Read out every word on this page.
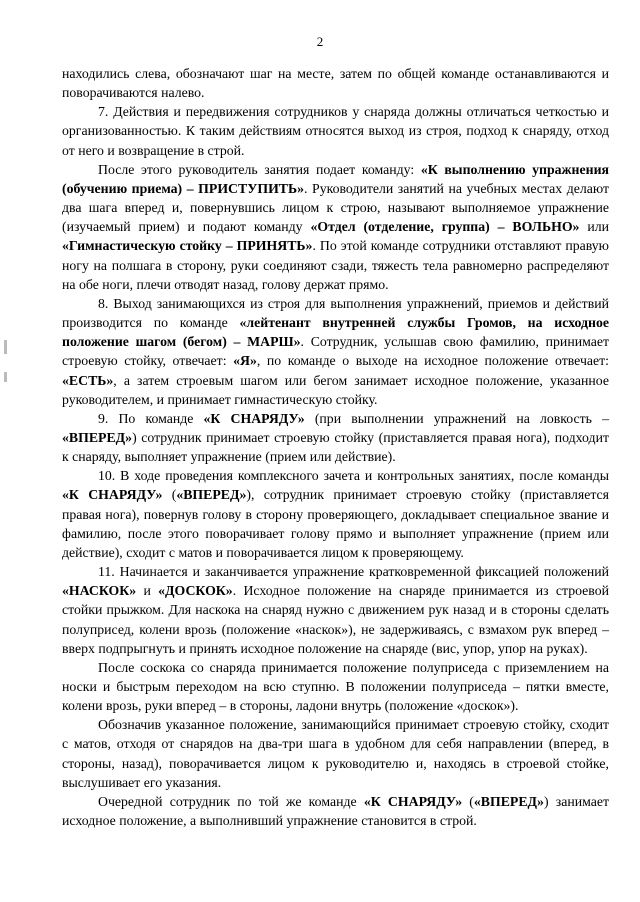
2

находились слева, обозначают шаг на месте, затем по общей команде останавливаются и поворачиваются налево.

7. Действия и передвижения сотрудников у снаряда должны отличаться четкостью и организованностью. К таким действиям относятся выход из строя, подход к снаряду, отход от него и возвращение в строй.

После этого руководитель занятия подает команду: «К выполнению упражнения (обучению приема) – ПРИСТУПИТЬ». Руководители занятий на учебных местах делают два шага вперед и, повернувшись лицом к строю, называют выполняемое упражнение (изучаемый прием) и подают команду «Отдел (отделение, группа) – ВОЛЬНО» или «Гимнастическую стойку – ПРИНЯТЬ». По этой команде сотрудники отставляют правую ногу на полшага в сторону, руки соединяют сзади, тяжесть тела равномерно распределяют на обе ноги, плечи отводят назад, голову держат прямо.

8. Выход занимающихся из строя для выполнения упражнений, приемов и действий производится по команде «лейтенант внутренней службы Громов, на исходное положение шагом (бегом) – МАРШ». Сотрудник, услышав свою фамилию, принимает строевую стойку, отвечает: «Я», по команде о выходе на исходное положение отвечает: «ЕСТЬ», а затем строевым шагом или бегом занимает исходное положение, указанное руководителем, и принимает гимнастическую стойку.

9. По команде «К СНАРЯДУ» (при выполнении упражнений на ловкость – «ВПЕРЕД») сотрудник принимает строевую стойку (приставляется правая нога), подходит к снаряду, выполняет упражнение (прием или действие).

10. В ходе проведения комплексного зачета и контрольных занятиях, после команды «К СНАРЯДУ» («ВПЕРЕД»), сотрудник принимает строевую стойку (приставляется правая нога), повернув голову в сторону проверяющего, докладывает специальное звание и фамилию, после этого поворачивает голову прямо и выполняет упражнение (прием или действие), сходит с матов и поворачивается лицом к проверяющему.

11. Начинается и заканчивается упражнение кратковременной фиксацией положений «НАСКОК» и «ДОСКОК». Исходное положение на снаряде принимается из строевой стойки прыжком. Для наскока на снаряд нужно с движением рук назад и в стороны сделать полуприсед, колени врозь (положение «наскок»), не задерживаясь, с взмахом рук вперед – вверх подпрыгнуть и принять исходное положение на снаряде (вис, упор, упор на руках).

После соскока со снаряда принимается положение полуприседа с приземлением на носки и быстрым переходом на всю ступню. В положении полуприседа – пятки вместе, колени врозь, руки вперед – в стороны, ладони внутрь (положение «доскок»).

Обозначив указанное положение, занимающийся принимает строевую стойку, сходит с матов, отходя от снарядов на два-три шага в удобном для себя направлении (вперед, в стороны, назад), поворачивается лицом к руководителю и, находясь в строевой стойке, выслушивает его указания.

Очередной сотрудник по той же команде «К СНАРЯДУ» («ВПЕРЕД») занимает исходное положение, а выполнивший упражнение становится в строй.
